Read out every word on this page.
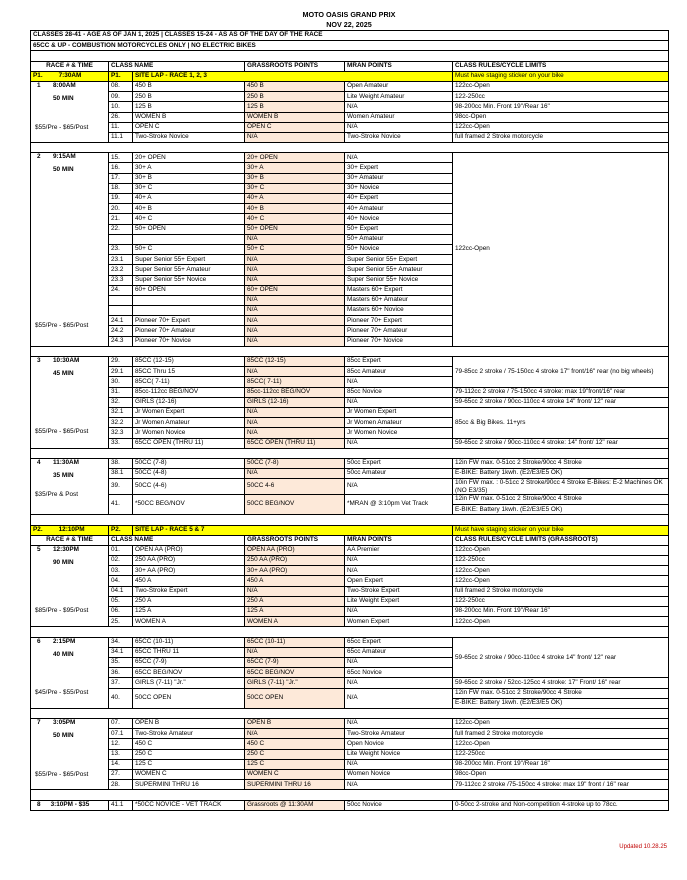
MOTO OASIS GRAND PRIX
NOV 22, 2025
CLASSES 28-41 - AGE AS OF JAN 1, 2025 | CLASSES 15-24 - AS AS OF THE DAY OF THE RACE					
65CC & UP - COMBUSTION MOTORCYCLES ONLY | NO ELECTRIC BIKES					

RACE # & TIME	CLASS NAME		GRASSROOTS POINTS	MRAN POINTS	CLASS RULES/CYCLE LIMITS
P1. 7:30AM	P1.	SITE LAP - RACE 1, 2, 3			Must have staging sticker on your bike

1 8:00AM
50 MIN
$55/Pre - $65/Post	08.	450 B	450 B	Open Amateur	122cc-Open
	09.	250 B	250 B	Lite Weight Amateur	122-250cc
	10.	125 B	125 B	N/A	98-200cc Min. Front 19"/Rear 16"
	26.	WOMEN B	WOMEN B	Women Amateur	98cc-Open
	11.	OPEN C	OPEN C	N/A	122cc-Open
	11.1	Two-Stroke Novice	N/A	Two-Stroke Novice	full framed 2 Stroke motorcycle

2 9:15AM
50 MIN
$55/Pre - $65/Post	15.	20+ OPEN	20+ OPEN	N/A	122cc-Open
	16.	30+ A	30+ A	30+ Expert	
	17.	30+ B	30+ B	30+ Amateur	
	18.	30+ C	30+ C	30+ Novice	
	19.	40+ A	40+ A	40+ Expert	
	20.	40+ B	40+ B	40+ Amateur	
	21.	40+ C	40+ C	40+ Novice	
	22.	50+ OPEN	50+ OPEN	50+ Expert	
			N/A	50+ Amateur	
	23.	50+ C	50+ C	50+ Novice	
	23.1	Super Senior 55+ Expert	N/A	Super Senior 55+ Expert	
	23.2	Super Senior 55+ Amateur	N/A	Super Senior 55+ Amateur	
	23.3	Super Senior 55+ Novice	N/A	Super Senior 55+ Novice	
	24.	60+ OPEN	60+ OPEN	Masters 60+ Expert	
			N/A	Masters 60+ Amateur	
			N/A	Masters 60+ Novice	
	24.1	Pioneer 70+ Expert	N/A	Pioneer 70+ Expert	
	24.2	Pioneer 70+ Amateur	N/A	Pioneer 70+ Amateur	
	24.3	Pioneer 70+ Novice	N/A	Pioneer 70+ Novice	

3 10:30AM
45 MIN
$55/Pre - $65/Post	29.	85CC (12-15)	85CC (12-15)	85cc Expert	79-85cc 2 stroke / 75-150cc 4 stroke 17" front/16" rear (no big wheels)
	29.1	85CC Thru 15	N/A	85cc Amateur	
	30.	85CC( 7-11)	85CC( 7-11)	N/A	
	31.	85cc-112cc BEG/NOV	85cc-112cc BEG/NOV	85cc Novice	79-112cc 2 stroke / 75-150cc 4 stroke: max 19"front/16" rear
	32.	GIRLS (12-16)	GIRLS (12-16)	N/A	59-65cc 2 stroke / 90cc-110cc 4 stroke 14" front/ 12" rear
	32.1	Jr Women Expert	N/A	Jr Women Expert	85cc & Big Bikes. 11+yrs
	32.2	Jr Women Amateur	N/A	Jr Women Amateur	
	32.3	Jr Women Novice	N/A	Jr Women Novice	
	33.	65CC OPEN (THRU 11)	65CC OPEN (THRU 11)	N/A	59-65cc 2 stroke / 90cc-110cc 4 stroke: 14" front/ 12" rear

4 11:30AM
35 MIN
$35/Pre & Post	38.	50CC (7-8)	50CC (7-8)	50cc Expert	12in FW max. 0-51cc 2 Stroke/90cc 4 Stroke
	38.1	50CC (4-8)	N/A	50cc Amateur	E-BIKE: Battery 1kwh. (E2/E3/E5 OK)
	39.	50CC (4-6)	50CC 4-6	N/A	10in FW max. : 0-51cc 2 Stroke/90cc 4 Stroke E-Bikes: E-2 Machines OK (NO E3/35)
	41.	*50CC BEG/NOV	50CC BEG/NOV	*MRAN @ 3:10pm Vet Track	12in FW max. 0-51cc 2 Stroke/90cc 4 Stroke
					E-BIKE: Battery 1kwh. (E2/E3/E5 OK)

P2. 12:10PM	P2.	SITE LAP - RACE 5 & 7			Must have staging sticker on your bike
RACE # & TIME	CLASS NAME		GRASSROOTS POINTS	MRAN POINTS	CLASS RULES/CYCLE LIMITS (GRASSROOTS)

5 12:30PM
90 MIN
$85/Pre - $95/Post	01.	OPEN AA (PRO)	OPEN AA (PRO)	AA Premier	122cc-Open
	02.	250 AA (PRO)	250 AA (PRO)	N/A	122-250cc
	03.	30+ AA (PRO)	30+ AA (PRO)	N/A	122cc-Open
	04.	450 A	450 A	Open Expert	122cc-Open
	04.1	Two-Stroke Expert	N/A	Two-Stroke Expert	full framed 2 Stroke motorcycle
	05.	250 A	250 A	Lite Weight Expert	122-250cc
	06.	125 A	125 A	N/A	98-200cc Min. Front 19"/Rear 16"
	25.	WOMEN A	WOMEN A	Women Expert	122cc-Open

6 2:15PM
40 MIN
$45/Pre - $55/Post	34.	65CC (10-11)	65CC (10-11)	65cc Expert	59-65cc 2 stroke / 90cc-110cc 4 stroke 14" front/ 12" rear
	34.1	65CC THRU 11	N/A	65cc Amateur	
	35.	65CC (7-9)	65CC (7-9)	N/A	
	36.	65CC BEG/NOV	65CC BEG/NOV	65cc Novice	
	37.	GIRLS (7-11) "Jr."	GIRLS (7-11) "Jr."	N/A	59-65cc 2 stroke / 52cc-125cc 4 stroke: 17" Front/ 16" rear
	40.	50CC OPEN	50CC OPEN	N/A	12in FW max. 0-51cc 2 Stroke/90cc 4 Stroke
					E-BIKE: Battery 1kwh. (E2/E3/E5 OK)

7 3:05PM
50 MIN
$55/Pre - $65/Post	07.	OPEN B	OPEN B	N/A	122cc-Open
	07.1	Two-Stroke Amateur	N/A	Two-Stroke Amateur	full framed 2 Stroke motorcycle
	12.	450 C	450 C	Open Novice	122cc-Open
	13.	250 C	250 C	Lite Weight Novice	122-250cc
	14.	125 C	125 C	N/A	98-200cc Min. Front 19"/Rear 16"
	27.	WOMEN C	WOMEN C	Women Novice	98cc-Open
	28.	SUPERMINI THRU 16	SUPERMINI THRU 16	N/A	79-112cc 2 stroke /75-150cc 4 stroke: max 19" front / 16" rear

8 3:10PM - $35	41.1	*50CC NOVICE - VET TRACK	Grassroots @ 11:30AM	50cc Novice	0-50cc 2-stroke and Non-competition 4-stroke up to 78cc.
Updated 10.28.25
